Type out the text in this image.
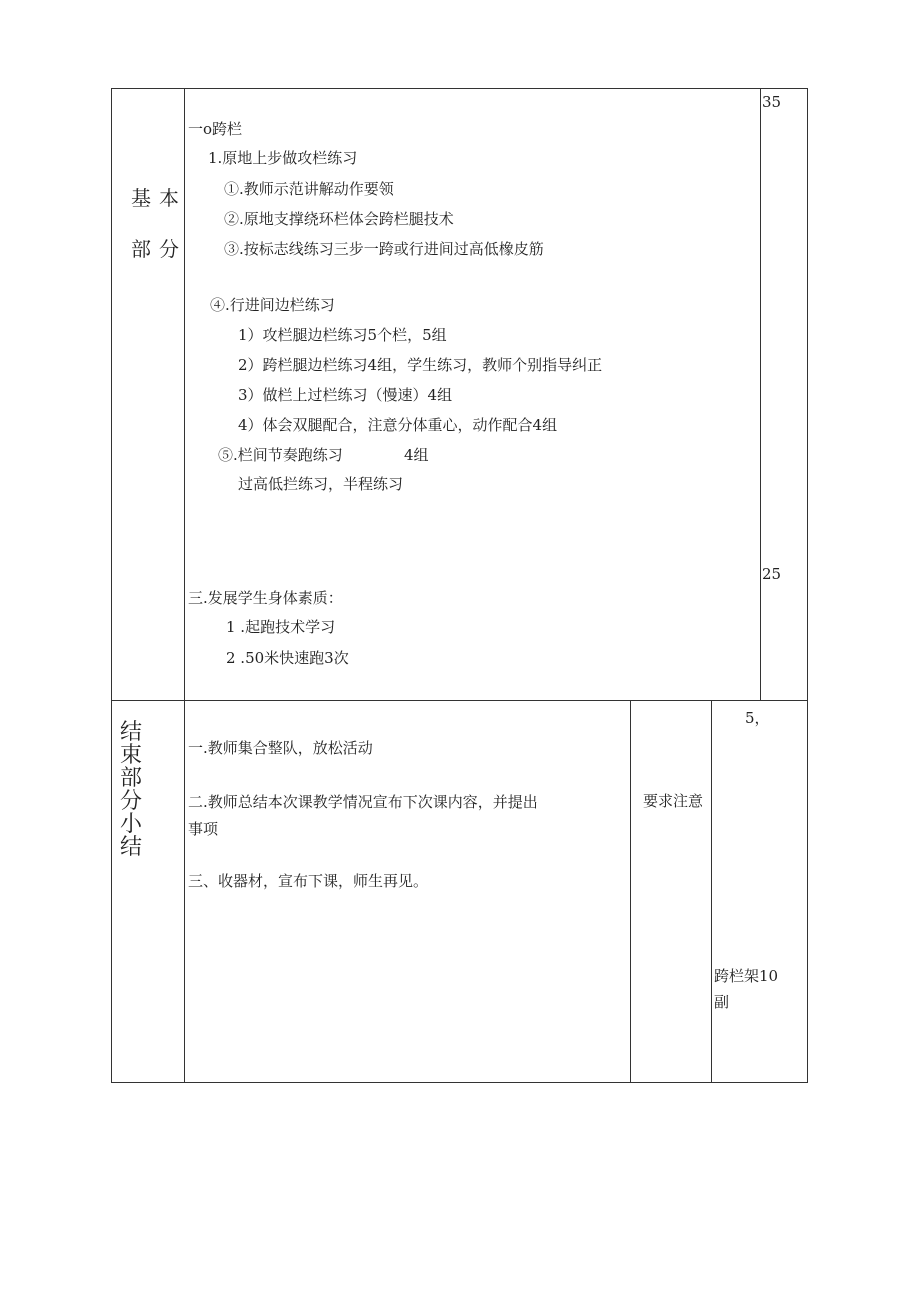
基本
部分
35
25
一o跨栏
1.原地上步做攻栏练习
①.教师示范讲解动作要领
②.原地支撑绕环栏体会跨栏腿技术
③.按标志线练习三步一跨或行进间过高低橡皮筋
④.行进间边栏练习
1）攻栏腿边栏练习5个栏，5组
2）跨栏腿边栏练习4组，学生练习，教师个别指导纠正
3）做栏上过栏练习（慢速）4组
4）体会双腿配合，注意分体重心，动作配合4组
⑤.栏间节奏跑练习	4组
过高低拦练习，半程练习
三.发展学生身体素质：
1 .起跑技术学习
2 .50米快速跑3次
结
束
部
分
小
结
一.教师集合整队，放松活动
二.教师总结本次课教学情况宣布下次课内容，并提出
事项
三、收器材，宣布下课，师生再见。
要求注意
5，
跨栏架10
副
